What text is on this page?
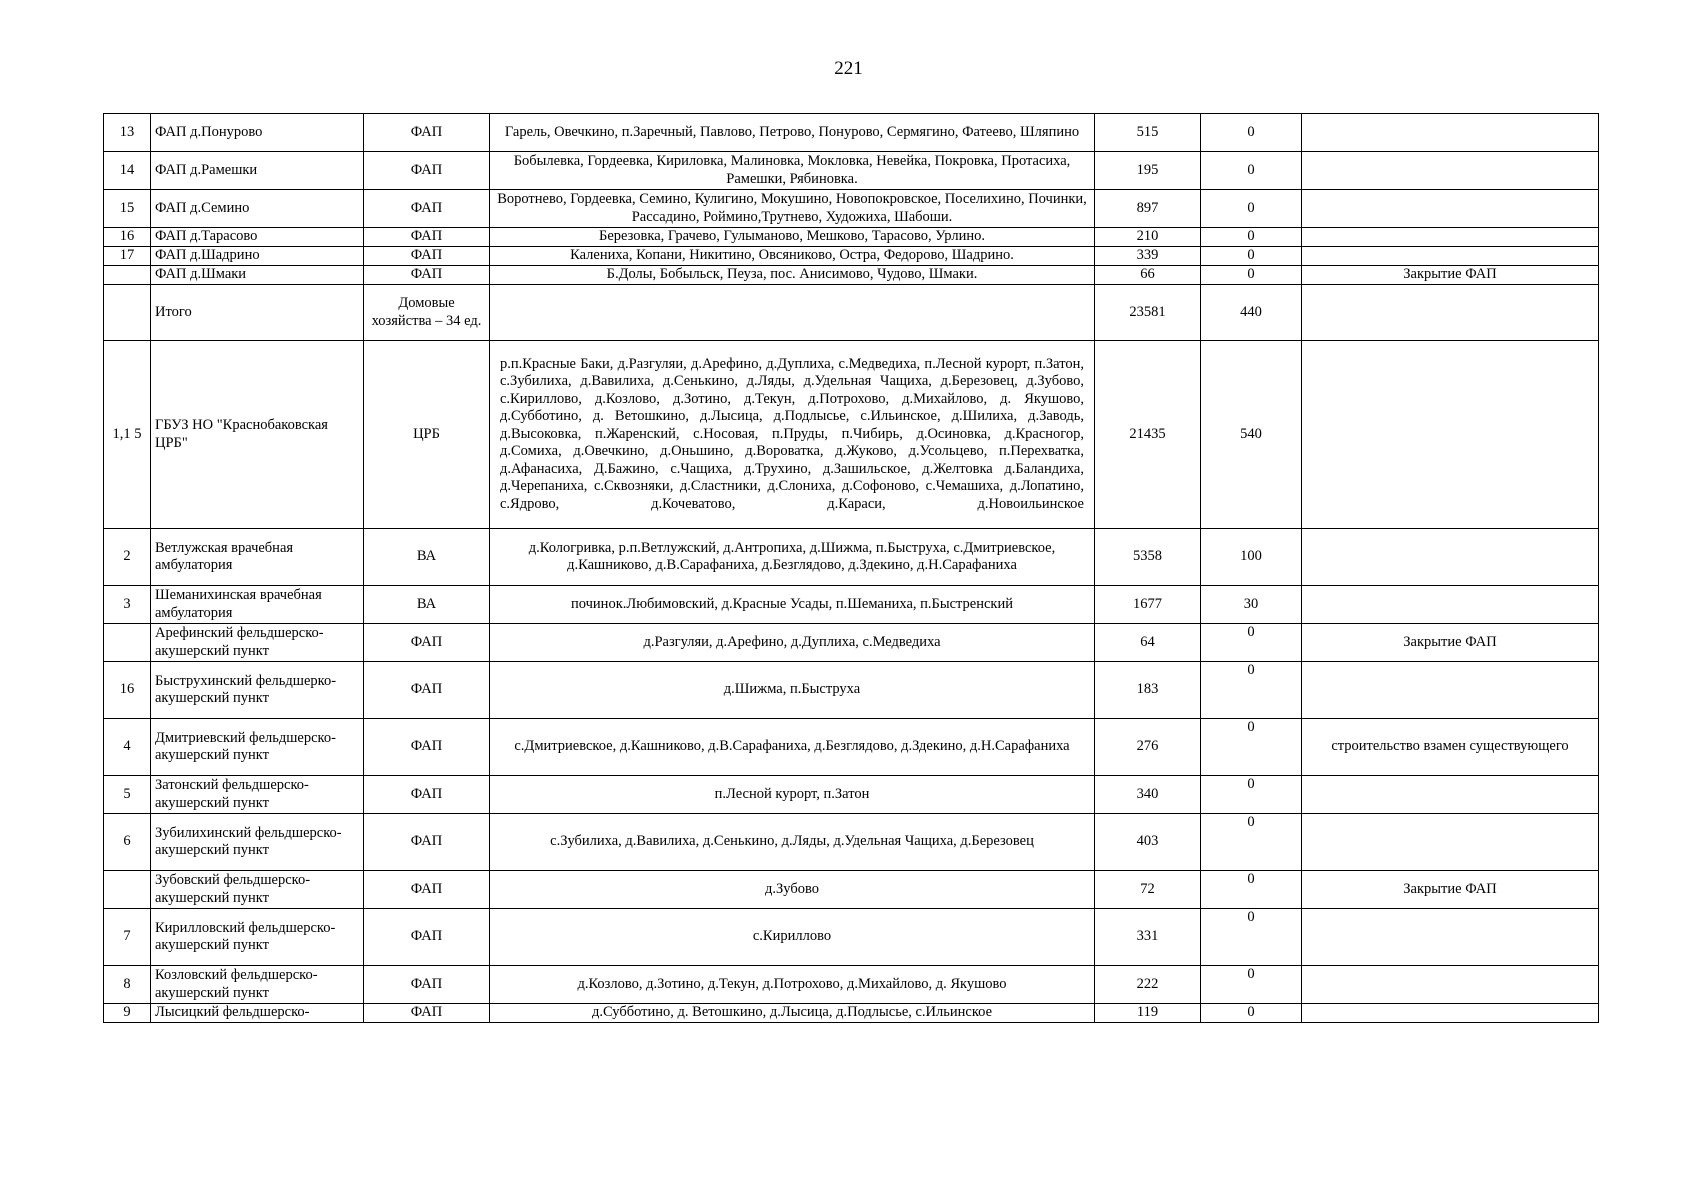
221
13	ФАП д.Понурово	ФАП	Гарель, Овечкино, п.Заречный, Павлово, Петрово, Понурово, Сермягино, Фатеево, Шляпино	515	0	
14	ФАП д.Рамешки	ФАП	Бобылевка, Гордеевка, Кириловка, Малиновка, Мокловка, Невейка, Покровка, Протасиха, Рамешки, Рябиновка.	195	0	
15	ФАП д.Семино	ФАП	Воротнево, Гордеевка, Семино, Кулигино, Мокушино, Новопокровское, Поселихино, Починки, Рассадино, Роймино,Трутнево, Художиха, Шабоши.	897	0	
16	ФАП д.Тарасово	ФАП	Березовка, Грачево, Гулыманово, Мешково, Тарасово, Урлино.	210	0	
17	ФАП д.Шадрино	ФАП	Калениха, Копани, Никитино, Овсяниково, Остра, Федорово, Шадрино.	339	0	
	ФАП д.Шмаки	ФАП	Б.Долы, Бобыльск, Пеуза, пос. Анисимово, Чудово, Шмаки.	66	0	Закрытие ФАП
	Итого	Домовые хозяйства – 34 ед.		23581	440	
1,1 5	ГБУЗ НО "Краснобаковская ЦРБ"	ЦРБ	р.п.Красные Баки, д.Разгуляи, д.Арефино, д.Дуплиха, с.Медведиха, п.Лесной курорт, п.Затон, с.Зубилиха, д.Вавилиха, д.Сенькино, д.Ляды, д.Удельная Чащиха, д.Березовец, д.Зубово, с.Кириллово, д.Козлово, д.Зотино, д.Текун, д.Потрохово, д.Михайлово, д. Якушово, д.Субботино, д. Ветошкино, д.Лысица, д.Подлысье, с.Ильинское, д.Шилиха, д.Заводь, д.Высоковка, п.Жаренский, с.Носовая, п.Пруды, п.Чибирь, д.Осиновка, д.Красногор, д.Сомиха, д.Овечкино, д.Оньшино, д.Вороватка, д.Жуково, д.Усольцево, п.Перехватка, д.Афанасиха, Д.Бажино, с.Чащиха, д.Трухино, д.Зашильское, д.Желтовка д.Баландиха, д.Черепаниха, с.Сквозняки, д.Сластники, д.Слониха, д.Софоново, с.Чемашиха, д.Лопатино, с.Ядрово, д.Кочеватово, д.Караси, д.Новоильинское	21435	540	
2	Ветлужская врачебная амбулатория	ВА	д.Кологривка, р.п.Ветлужский, д.Антропиха, д.Шижма, п.Быструха, с.Дмитриевское, д.Кашниково, д.В.Сарафаниха, д.Безглядово, д.Здекино, д.Н.Сарафаниха	5358	100	
3	Шеманихинская врачебная амбулатория	ВА	починок.Любимовский, д.Красные Усады, п.Шеманиха, п.Быстренский	1677	30	
	Арефинский фельдшерско-акушерский пункт	ФАП	д.Разгуляи, д.Арефино, д.Дуплиха, с.Медведиха	64	0	Закрытие ФАП
16	Быструхинский фельдшерко-акушерский пункт	ФАП	д.Шижма, п.Быструха	183	0	
4	Дмитриевский фельдшерско-акушерский пункт	ФАП	с.Дмитриевское, д.Кашниково, д.В.Сарафаниха, д.Безглядово, д.Здекино, д.Н.Сарафаниха	276	0	строительство взамен существующего
5	Затонский фельдшерско-акушерский пункт	ФАП	п.Лесной курорт, п.Затон	340	0	
6	Зубилихинский фельдшерско-акушерский пункт	ФАП	с.Зубилиха, д.Вавилиха, д.Сенькино, д.Ляды, д.Удельная Чащиха, д.Березовец	403	0	
	Зубовский фельдшерско-акушерский пункт	ФАП	д.Зубово	72	0	Закрытие ФАП
7	Кирилловский фельдшерско-акушерский пункт	ФАП	с.Кириллово	331	0	
8	Козловский фельдшерско-акушерский пункт	ФАП	д.Козлово, д.Зотино, д.Текун, д.Потрохово, д.Михайлово, д. Якушово	222	0	
9	Лысицкий фельдшерско-	ФАП	д.Субботино, д. Ветошкино, д.Лысица, д.Подлысье, с.Ильинское	119	0	
